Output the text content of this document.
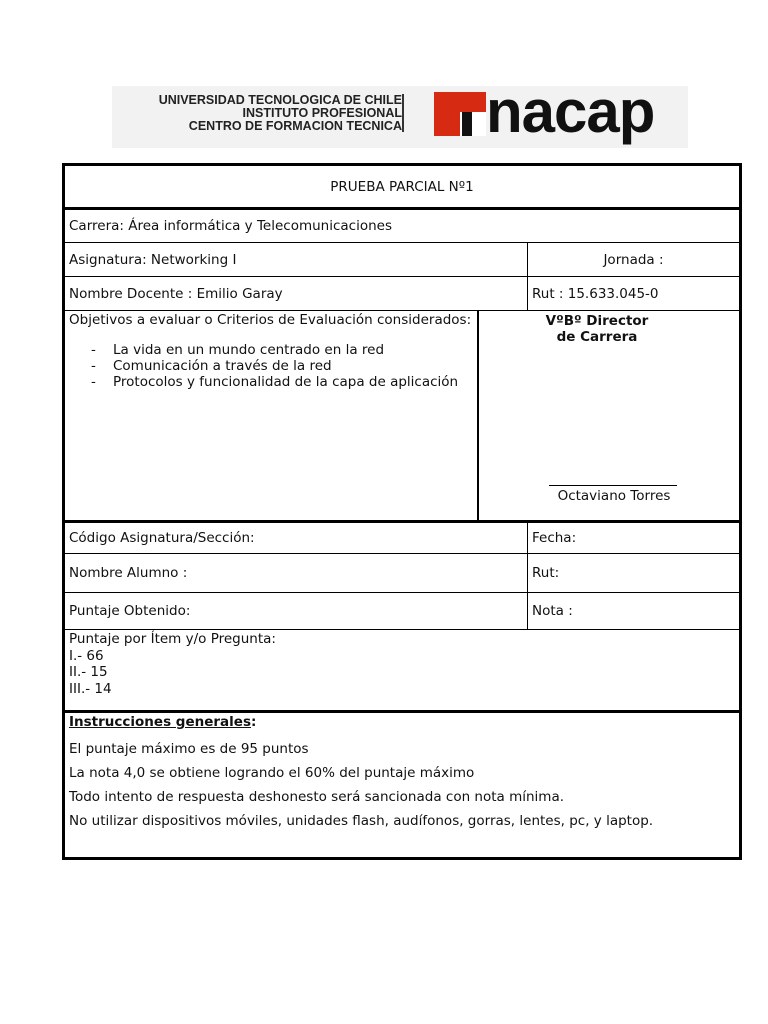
UNIVERSIDAD TECNOLOGICA DE CHILE
INSTITUTO PROFESIONAL
CENTRO DE FORMACION TECNICA nacap
PRUEBA PARCIAL Nº1
Carrera: Área informática y Telecomunicaciones
Asignatura: Networking I	Jornada :
Nombre Docente : Emilio Garay	Rut : 15.633.045-0
Objetivos a evaluar o Criterios de Evaluación considerados:
- La vida en un mundo centrado en la red
- Comunicación a través de la red
- Protocolos y funcionalidad de la capa de aplicación
VºBº Director
de Carrera
Octaviano Torres
Código Asignatura/Sección:	Fecha:
Nombre Alumno :	Rut:
Puntaje Obtenido:	Nota :
Puntaje por Ítem y/o Pregunta:
I.- 66
II.- 15
III.- 14

Instrucciones generales:

El puntaje máximo es de 95 puntos

La nota 4,0 se obtiene logrando el 60% del puntaje máximo

Todo intento de respuesta deshonesto será sancionada con nota mínima.

No utilizar dispositivos móviles, unidades flash, audífonos, gorras, lentes, pc, y laptop.
